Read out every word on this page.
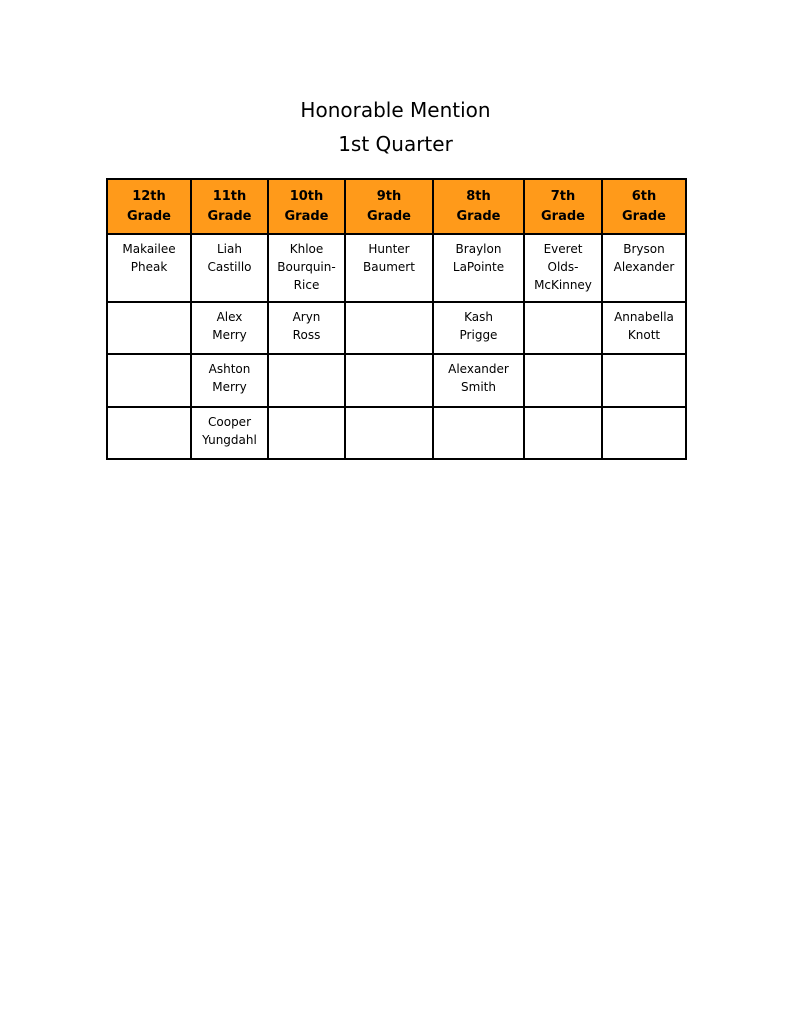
Honorable Mention

1st Quarter

12th
Grade	11th
Grade	10th
Grade	9th
Grade	8th
Grade	7th
Grade	6th
Grade

Makailee
Pheak	Liah
Castillo	Khloe
Bourquin-
Rice	Hunter
Baumert	Braylon
LaPointe	Everet
Olds-
McKinney	Bryson
Alexander

	Alex
Merry	Aryn
Ross		Kash
Prigge		Annabella
Knott

	Ashton
Merry			Alexander
Smith		

	Cooper
Yungdahl					
